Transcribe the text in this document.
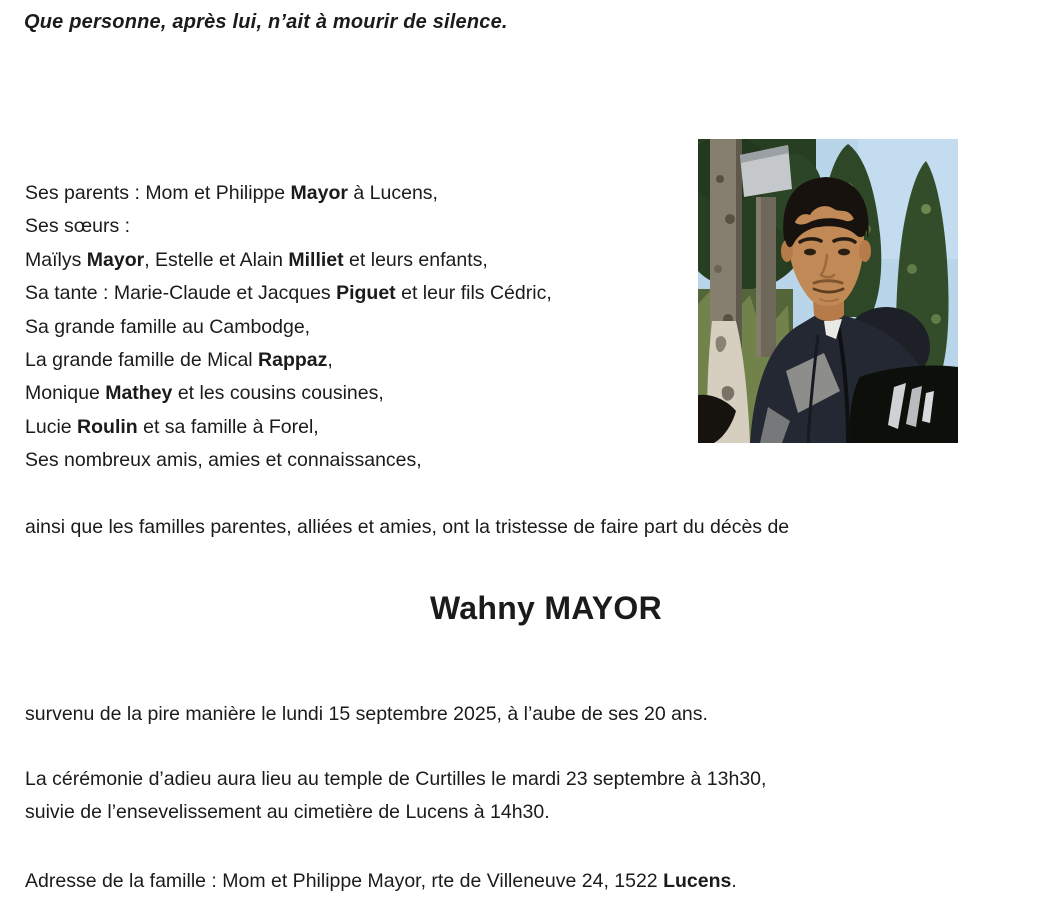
Que personne, après lui, n’ait à mourir de silence.

Ses parents : Mom et Philippe Mayor à Lucens,
Ses sœurs :
Maïlys Mayor, Estelle et Alain Milliet et leurs enfants,
Sa tante : Marie-Claude et Jacques Piguet et leur fils Cédric,
Sa grande famille au Cambodge,
La grande famille de Mical Rappaz,
Monique Mathey et les cousins cousines,
Lucie Roulin et sa famille à Forel,
Ses nombreux amis, amies et connaissances,

ainsi que les familles parentes, alliées et amies, ont la tristesse de faire part du décès de

Wahny MAYOR

survenu de la pire manière le lundi 15 septembre 2025, à l’aube de ses 20 ans.

La cérémonie d’adieu aura lieu au temple de Curtilles le mardi 23 septembre à 13h30,
suivie de l’ensevelissement au cimetière de Lucens à 14h30.

Adresse de la famille : Mom et Philippe Mayor, rte de Villeneuve 24, 1522 Lucens.
